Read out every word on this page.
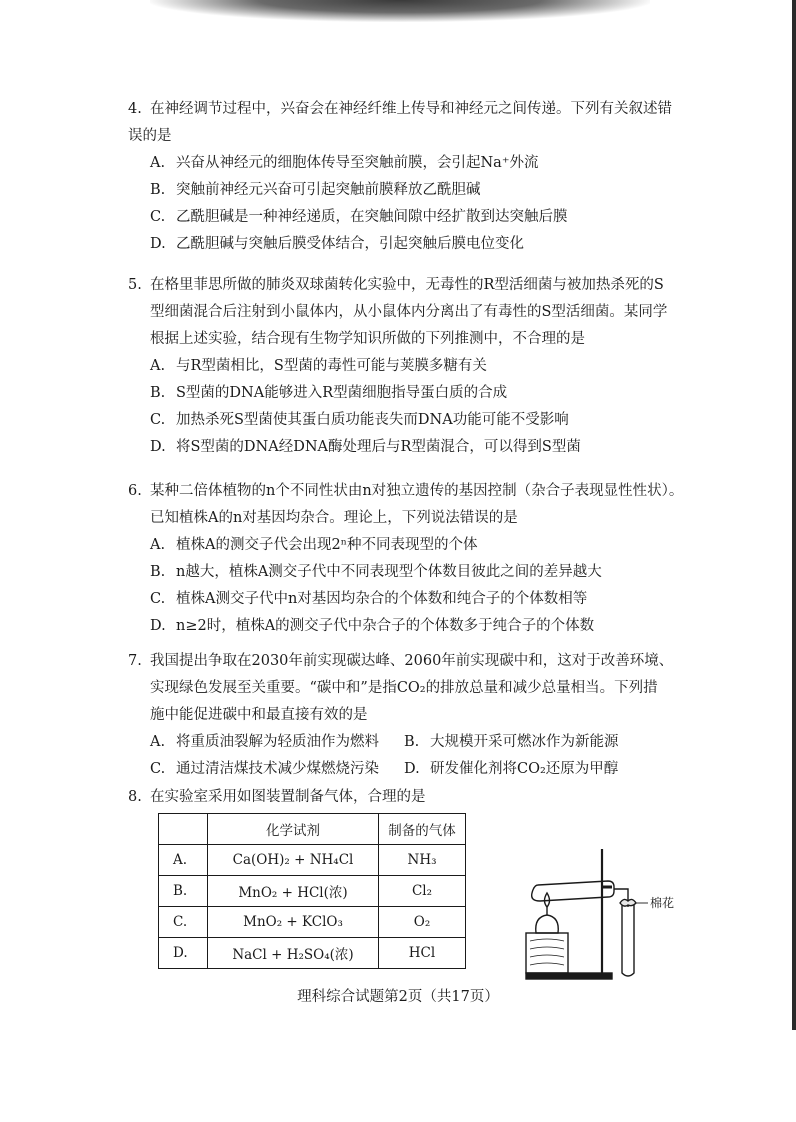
4. 在神经调节过程中，兴奋会在神经纤维上传导和神经元之间传递。下列有关叙述错
误的是
A. 兴奋从神经元的细胞体传导至突触前膜，会引起Na⁺外流
B. 突触前神经元兴奋可引起突触前膜释放乙酰胆碱
C. 乙酰胆碱是一种神经递质，在突触间隙中经扩散到达突触后膜
D. 乙酰胆碱与突触后膜受体结合，引起突触后膜电位变化
5. 在格里菲思所做的肺炎双球菌转化实验中，无毒性的R型活细菌与被加热杀死的S
型细菌混合后注射到小鼠体内，从小鼠体内分离出了有毒性的S型活细菌。某同学
根据上述实验，结合现有生物学知识所做的下列推测中，不合理的是
A. 与R型菌相比，S型菌的毒性可能与荚膜多糖有关
B. S型菌的DNA能够进入R型菌细胞指导蛋白质的合成
C. 加热杀死S型菌使其蛋白质功能丧失而DNA功能可能不受影响
D. 将S型菌的DNA经DNA酶处理后与R型菌混合，可以得到S型菌
6. 某种二倍体植物的n个不同性状由n对独立遗传的基因控制（杂合子表现显性性状）。
已知植株A的n对基因均杂合。理论上，下列说法错误的是
A. 植株A的测交子代会出现2ⁿ种不同表现型的个体
B. n越大，植株A测交子代中不同表现型个体数目彼此之间的差异越大
C. 植株A测交子代中n对基因均杂合的个体数和纯合子的个体数相等
D. n≥2时，植株A的测交子代中杂合子的个体数多于纯合子的个体数
7. 我国提出争取在2030年前实现碳达峰、2060年前实现碳中和，这对于改善环境、
实现绿色发展至关重要。“碳中和”是指CO₂的排放总量和减少总量相当。下列措
施中能促进碳中和最直接有效的是
A. 将重质油裂解为轻质油作为燃料	B. 大规模开采可燃冰作为新能源
C. 通过清洁煤技术减少煤燃烧污染	D. 研发催化剂将CO₂还原为甲醇
8. 在实验室采用如图装置制备气体，合理的是
	化学试剂	制备的气体
A.	Ca(OH)₂ + NH₄Cl	NH₃
B.	MnO₂ + HCl(浓)	Cl₂
C.	MnO₂ + KClO₃	O₂
D.	NaCl + H₂SO₄(浓)	HCl
棉花
理科综合试题第2页（共17页）
